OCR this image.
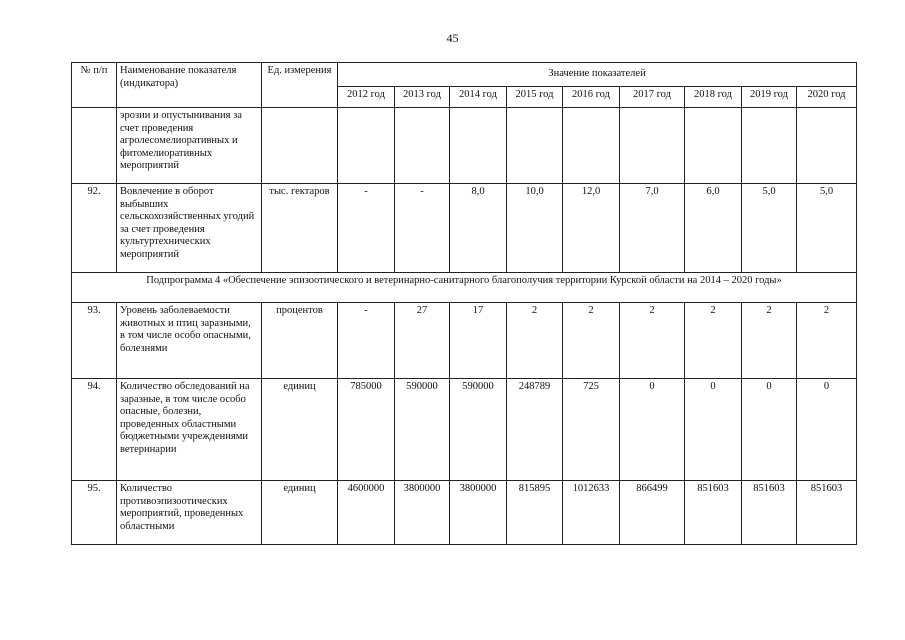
45
№ п/п	Наименование показателя (индикатора)	Ед. измерения	Значение показателей								
			2012 год	2013 год	2014 год	2015 год	2016 год	2017 год	2018 год	2019 год	2020 год
	эрозии и опустынивания за счет проведения агролесомелиоративных и фитомелиоративных мероприятий										
92.	Вовлечение в оборот выбывших сельскохозяйственных угодий за счет проведения культуртехнических мероприятий	тыс. гектаров	-	-	8,0	10,0	12,0	7,0	6,0	5,0	5,0
Подпрограмма 4 «Обеспечение эпизоотического и ветеринарно-санитарного благополучия территории Курской области на 2014 – 2020 годы»											
93.	Уровень заболеваемости животных и птиц заразными, в том числе особо опасными, болезнями	процентов	-	27	17	2	2	2	2	2	2
94.	Количество обследований на заразные, в том числе особо опасные, болезни, проведенных областными бюджетными учреждениями ветеринарии	единиц	785000	590000	590000	248789	725	0	0	0	0
95.	Количество противоэпизоотических мероприятий, проведенных областными	единиц	4600000	3800000	3800000	815895	1012633	866499	851603	851603	851603
